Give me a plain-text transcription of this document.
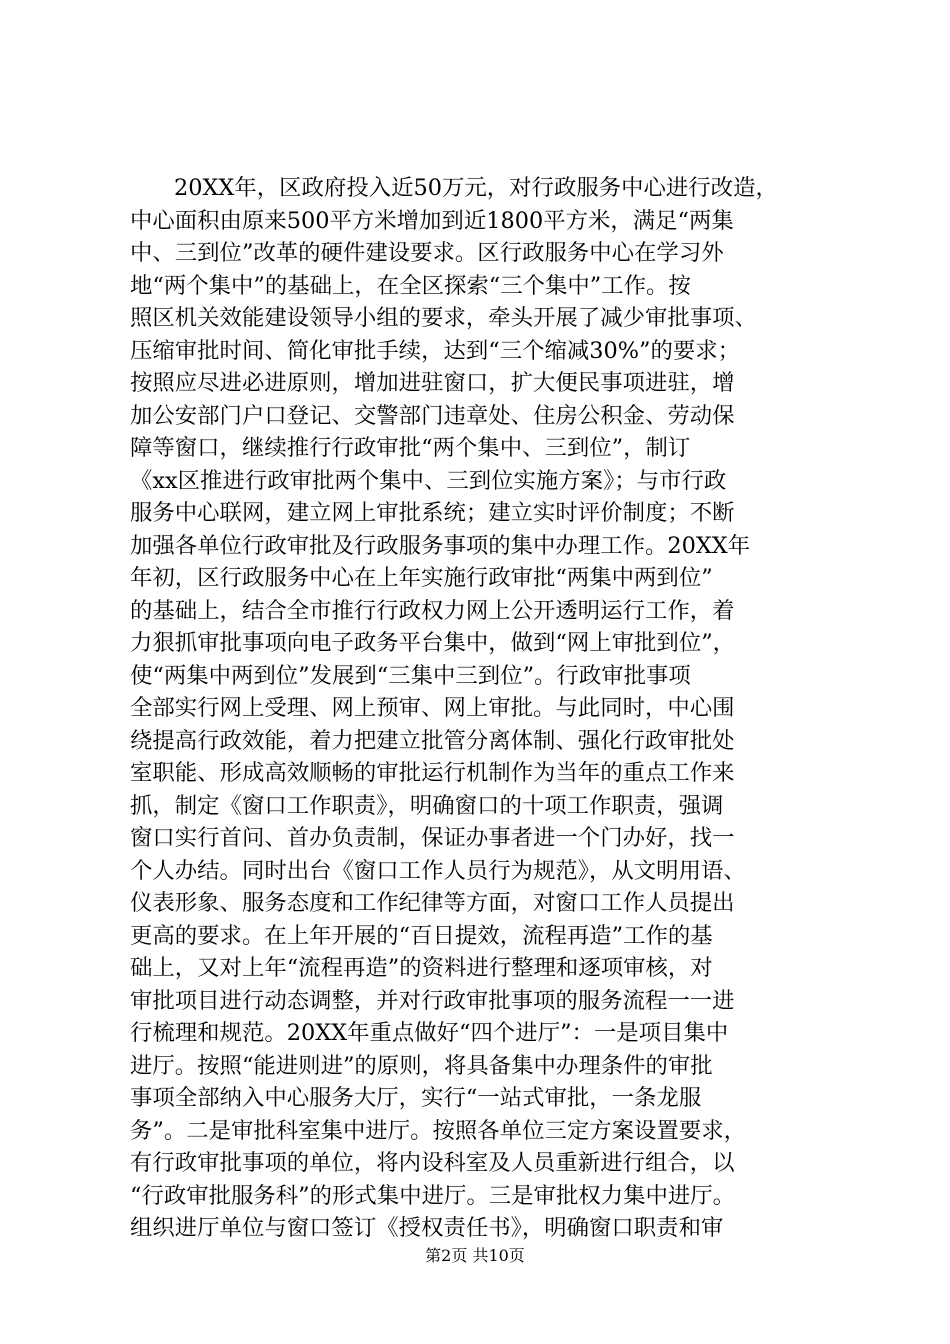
20XX年，区政府投入近50万元，对行政服务中心进行改造，
中心面积由原来500平方米增加到近1800平方米，满足“两集
中、三到位”改革的硬件建设要求。区行政服务中心在学习外
地“两个集中”的基础上，在全区探索“三个集中”工作。按
照区机关效能建设领导小组的要求，牵头开展了减少审批事项、
压缩审批时间、简化审批手续，达到“三个缩减30%”的要求；
按照应尽进必进原则，增加进驻窗口，扩大便民事项进驻，增
加公安部门户口登记、交警部门违章处、住房公积金、劳动保
障等窗口，继续推行行政审批“两个集中、三到位”，制订
《xx区推进行政审批两个集中、三到位实施方案》；与市行政
服务中心联网，建立网上审批系统；建立实时评价制度；不断
加强各单位行政审批及行政服务事项的集中办理工作。20XX年
年初，区行政服务中心在上年实施行政审批“两集中两到位”
的基础上，结合全市推行行政权力网上公开透明运行工作，着
力狠抓审批事项向电子政务平台集中，做到“网上审批到位”，
使“两集中两到位”发展到“三集中三到位”。行政审批事项
全部实行网上受理、网上预审、网上审批。与此同时，中心围
绕提高行政效能，着力把建立批管分离体制、强化行政审批处
室职能、形成高效顺畅的审批运行机制作为当年的重点工作来
抓，制定《窗口工作职责》，明确窗口的十项工作职责，强调
窗口实行首问、首办负责制，保证办事者进一个门办好，找一
个人办结。同时出台《窗口工作人员行为规范》，从文明用语、
仪表形象、服务态度和工作纪律等方面，对窗口工作人员提出
更高的要求。在上年开展的“百日提效，流程再造”工作的基
础上，又对上年“流程再造”的资料进行整理和逐项审核，对
审批项目进行动态调整，并对行政审批事项的服务流程一一进
行梳理和规范。20XX年重点做好“四个进厅”：一是项目集中
进厅。按照“能进则进”的原则，将具备集中办理条件的审批
事项全部纳入中心服务大厅，实行“一站式审批，一条龙服
务”。二是审批科室集中进厅。按照各单位三定方案设置要求，
有行政审批事项的单位，将内设科室及人员重新进行组合，以
“行政审批服务科”的形式集中进厅。三是审批权力集中进厅。
组织进厅单位与窗口签订《授权责任书》，明确窗口职责和审
第2页 共10页
